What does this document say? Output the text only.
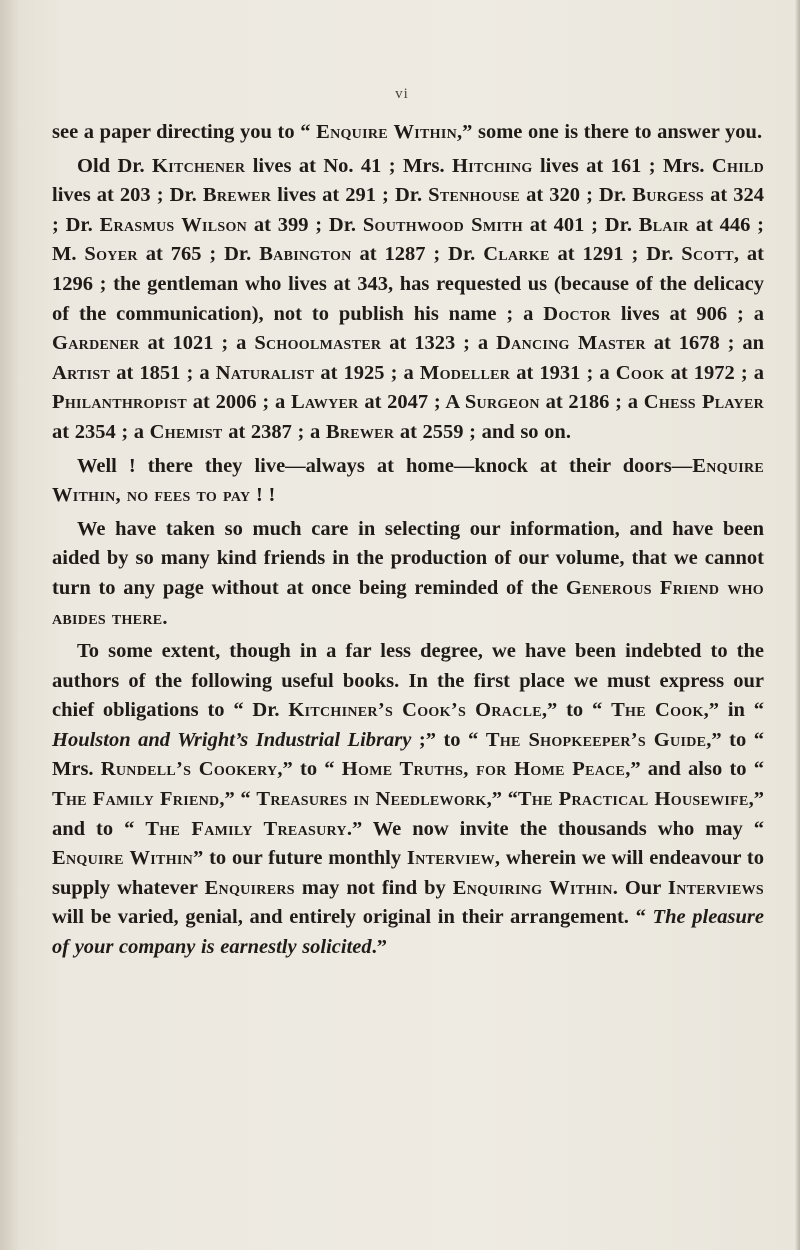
vi

see a paper directing you to “ Enquire Within,” some one is there to answer you.

Old Dr. Kitchener lives at No. 41 ; Mrs. Hitching lives at 161 ; Mrs. Child lives at 203 ; Dr. Brewer lives at 291 ; Dr. Stenhouse at 320 ; Dr. Burgess at 324 ; Dr. Erasmus Wilson at 399 ; Dr. Southwood Smith at 401 ; Dr. Blair at 446 ; M. Soyer at 765 ; Dr. Babington at 1287 ; Dr. Clarke at 1291 ; Dr. Scott, at 1296 ; the gentleman who lives at 343, has requested us (because of the delicacy of the communication), not to publish his name ; a Doctor lives at 906 ; a Gardener at 1021 ; a Schoolmaster at 1323 ; a Dancing Master at 1678 ; an Artist at 1851 ; a Naturalist at 1925 ; a Modeller at 1931 ; a Cook at 1972 ; a Philanthropist at 2006 ; a Lawyer at 2047 ; A Surgeon at 2186 ; a Chess Player at 2354 ; a Chemist at 2387 ; a Brewer at 2559 ; and so on.

Well ! there they live—always at home—knock at their doors—Enquire Within, no fees to pay ! !

We have taken so much care in selecting our information, and have been aided by so many kind friends in the production of our volume, that we cannot turn to any page without at once being reminded of the Generous Friend who abides there.

To some extent, though in a far less degree, we have been indebted to the authors of the following useful books. In the first place we must express our chief obligations to “ Dr. Kitchiner’s Cook’s Oracle,” to “ The Cook,” in “ Houlston and Wright’s Industrial Library ;” to “ The Shopkeeper’s Guide,” to “ Mrs. Rundell’s Cookery,” to “ Home Truths, for Home Peace,” and also to “ The Family Friend,” “ Treasures in Needlework,” “The Practical Housewife,” and to “ The Family Treasury.” We now invite the thousands who may “ Enquire Within” to our future monthly Interview, wherein we will endeavour to supply whatever Enquirers may not find by Enquiring Within. Our Interviews will be varied, genial, and entirely original in their arrangement. “ The pleasure of your company is earnestly solicited.”
